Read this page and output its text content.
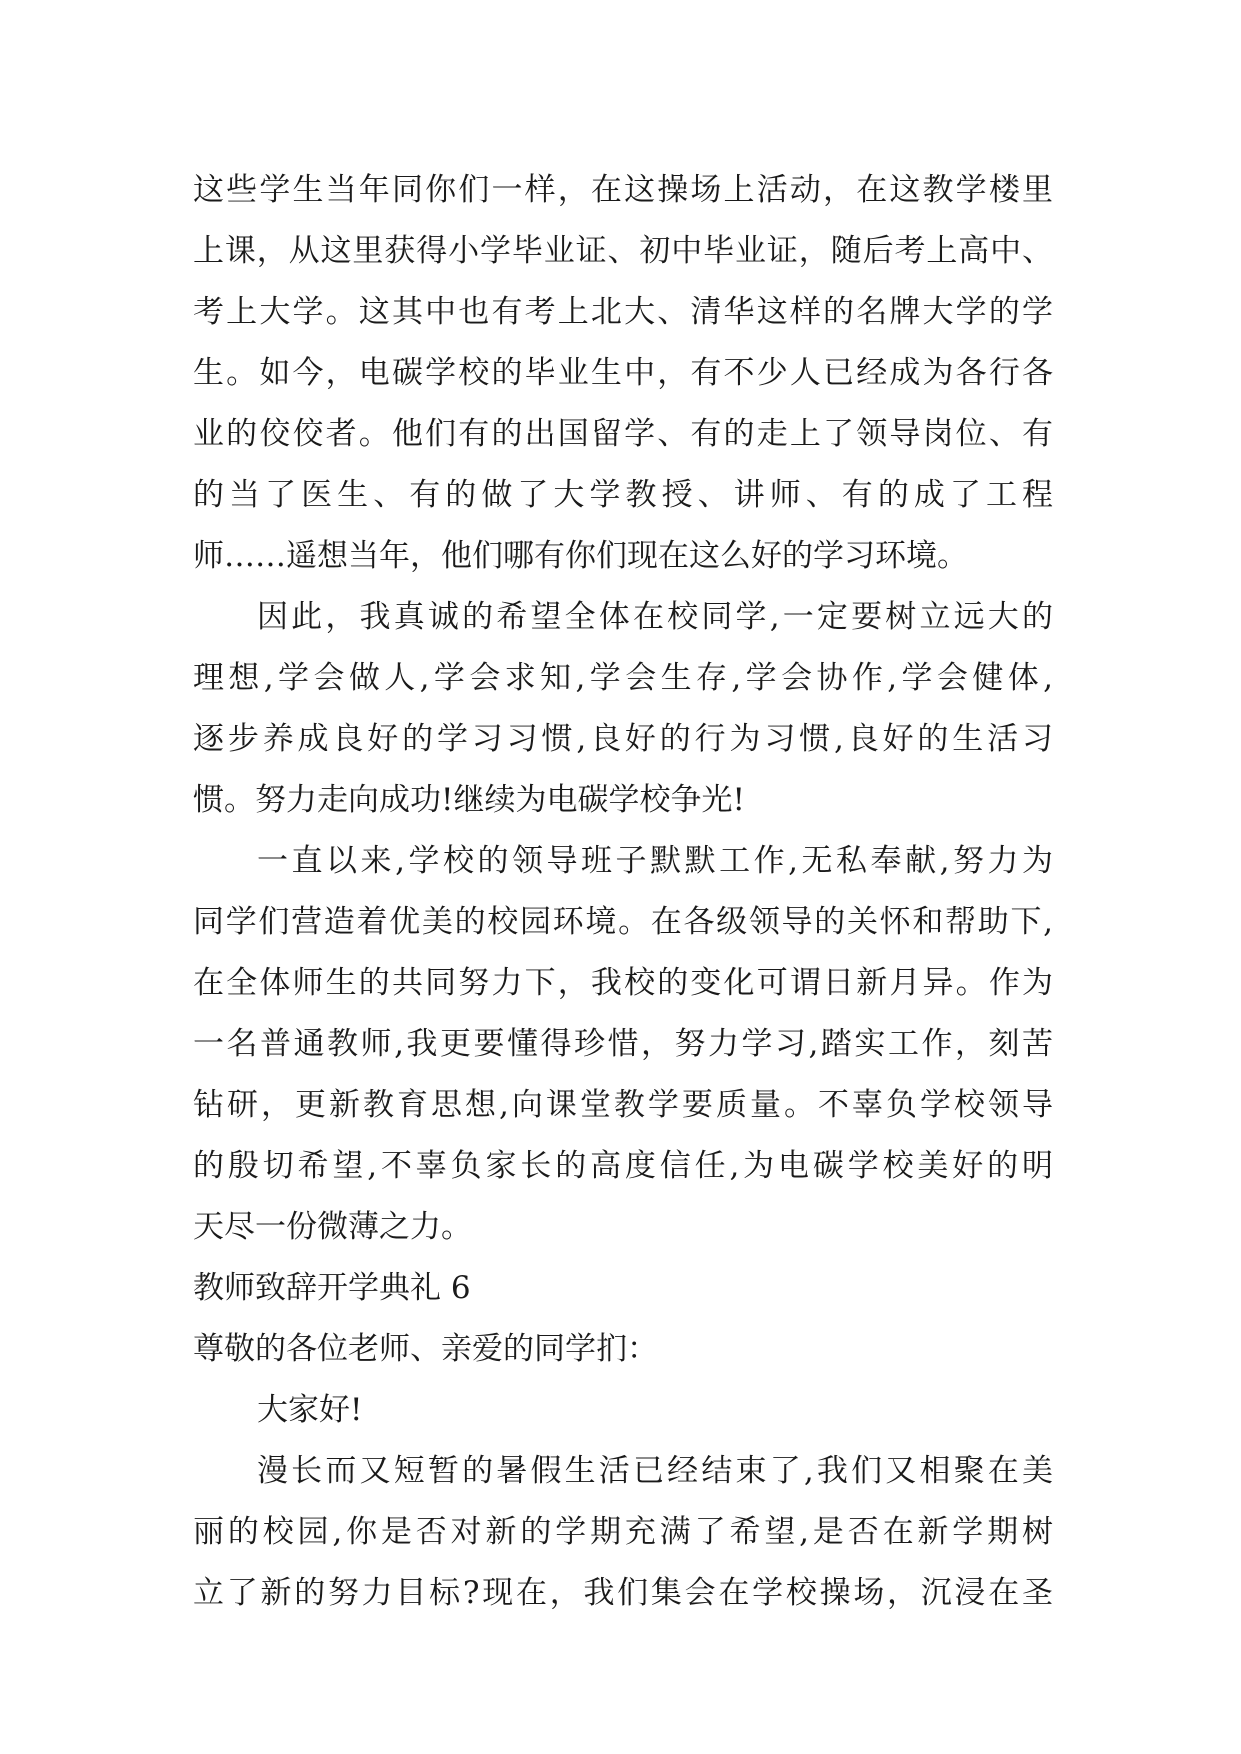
这些学生当年同你们一样，在这操场上活动，在这教学楼里
上课，从这里获得小学毕业证、初中毕业证，随后考上高中、
考上大学。这其中也有考上北大、清华这样的名牌大学的学
生。如今，电碳学校的毕业生中，有不少人已经成为各行各
业的佼佼者。他们有的出国留学、有的走上了领导岗位、有
的当了医生、有的做了大学教授、讲师、有的成了工程
师……遥想当年，他们哪有你们现在这么好的学习环境。
因此，我真诚的希望全体在校同学,一定要树立远大的
理想,学会做人,学会求知,学会生存,学会协作,学会健体,
逐步养成良好的学习习惯,良好的行为习惯,良好的生活习
惯。努力走向成功!继续为电碳学校争光!
一直以来,学校的领导班子默默工作,无私奉献,努力为
同学们营造着优美的校园环境。在各级领导的关怀和帮助下,
在全体师生的共同努力下，我校的变化可谓日新月异。作为
一名普通教师,我更要懂得珍惜，努力学习,踏实工作，刻苦
钻研，更新教育思想,向课堂教学要质量。不辜负学校领导
的殷切希望,不辜负家长的高度信任,为电碳学校美好的明
天尽一份微薄之力。
教师致辞开学典礼 6
尊敬的各位老师、亲爱的同学扪：
大家好!
漫长而又短暂的暑假生活已经结束了,我们又相聚在美
丽的校园,你是否对新的学期充满了希望,是否在新学期树
立了新的努力目标?现在，我们集会在学校操场，沉浸在圣
